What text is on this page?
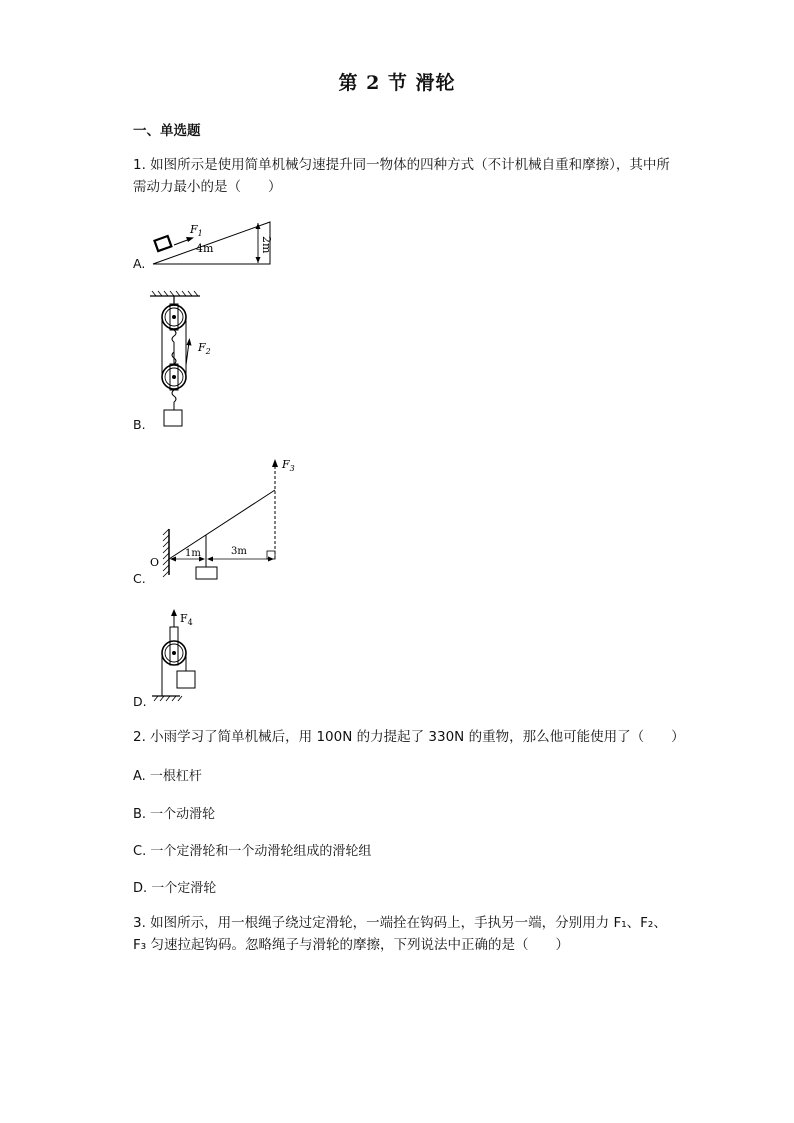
第 2 节 滑轮
一、单选题
1. 如图所示是使用简单机械匀速提升同一物体的四种方式（不计机械自重和摩擦），其中所需动力最小的是（　　）
$F_1$
4m	2m
A.
$F_2$
B.
O
$F_3$
1m	3m
C.
$F_4$
D.
2. 小雨学习了简单机械后，用 100N 的力提起了 330N 的重物，那么他可能使用了（　　）
A. 一根杠杆
B. 一个动滑轮
C. 一个定滑轮和一个动滑轮组成的滑轮组
D. 一个定滑轮
3. 如图所示，用一根绳子绕过定滑轮，一端拴在钩码上，手执另一端，分别用力 F₁、F₂、F₃ 匀速拉起钩码。忽略绳子与滑轮的摩擦，下列说法中正确的是（　　）
